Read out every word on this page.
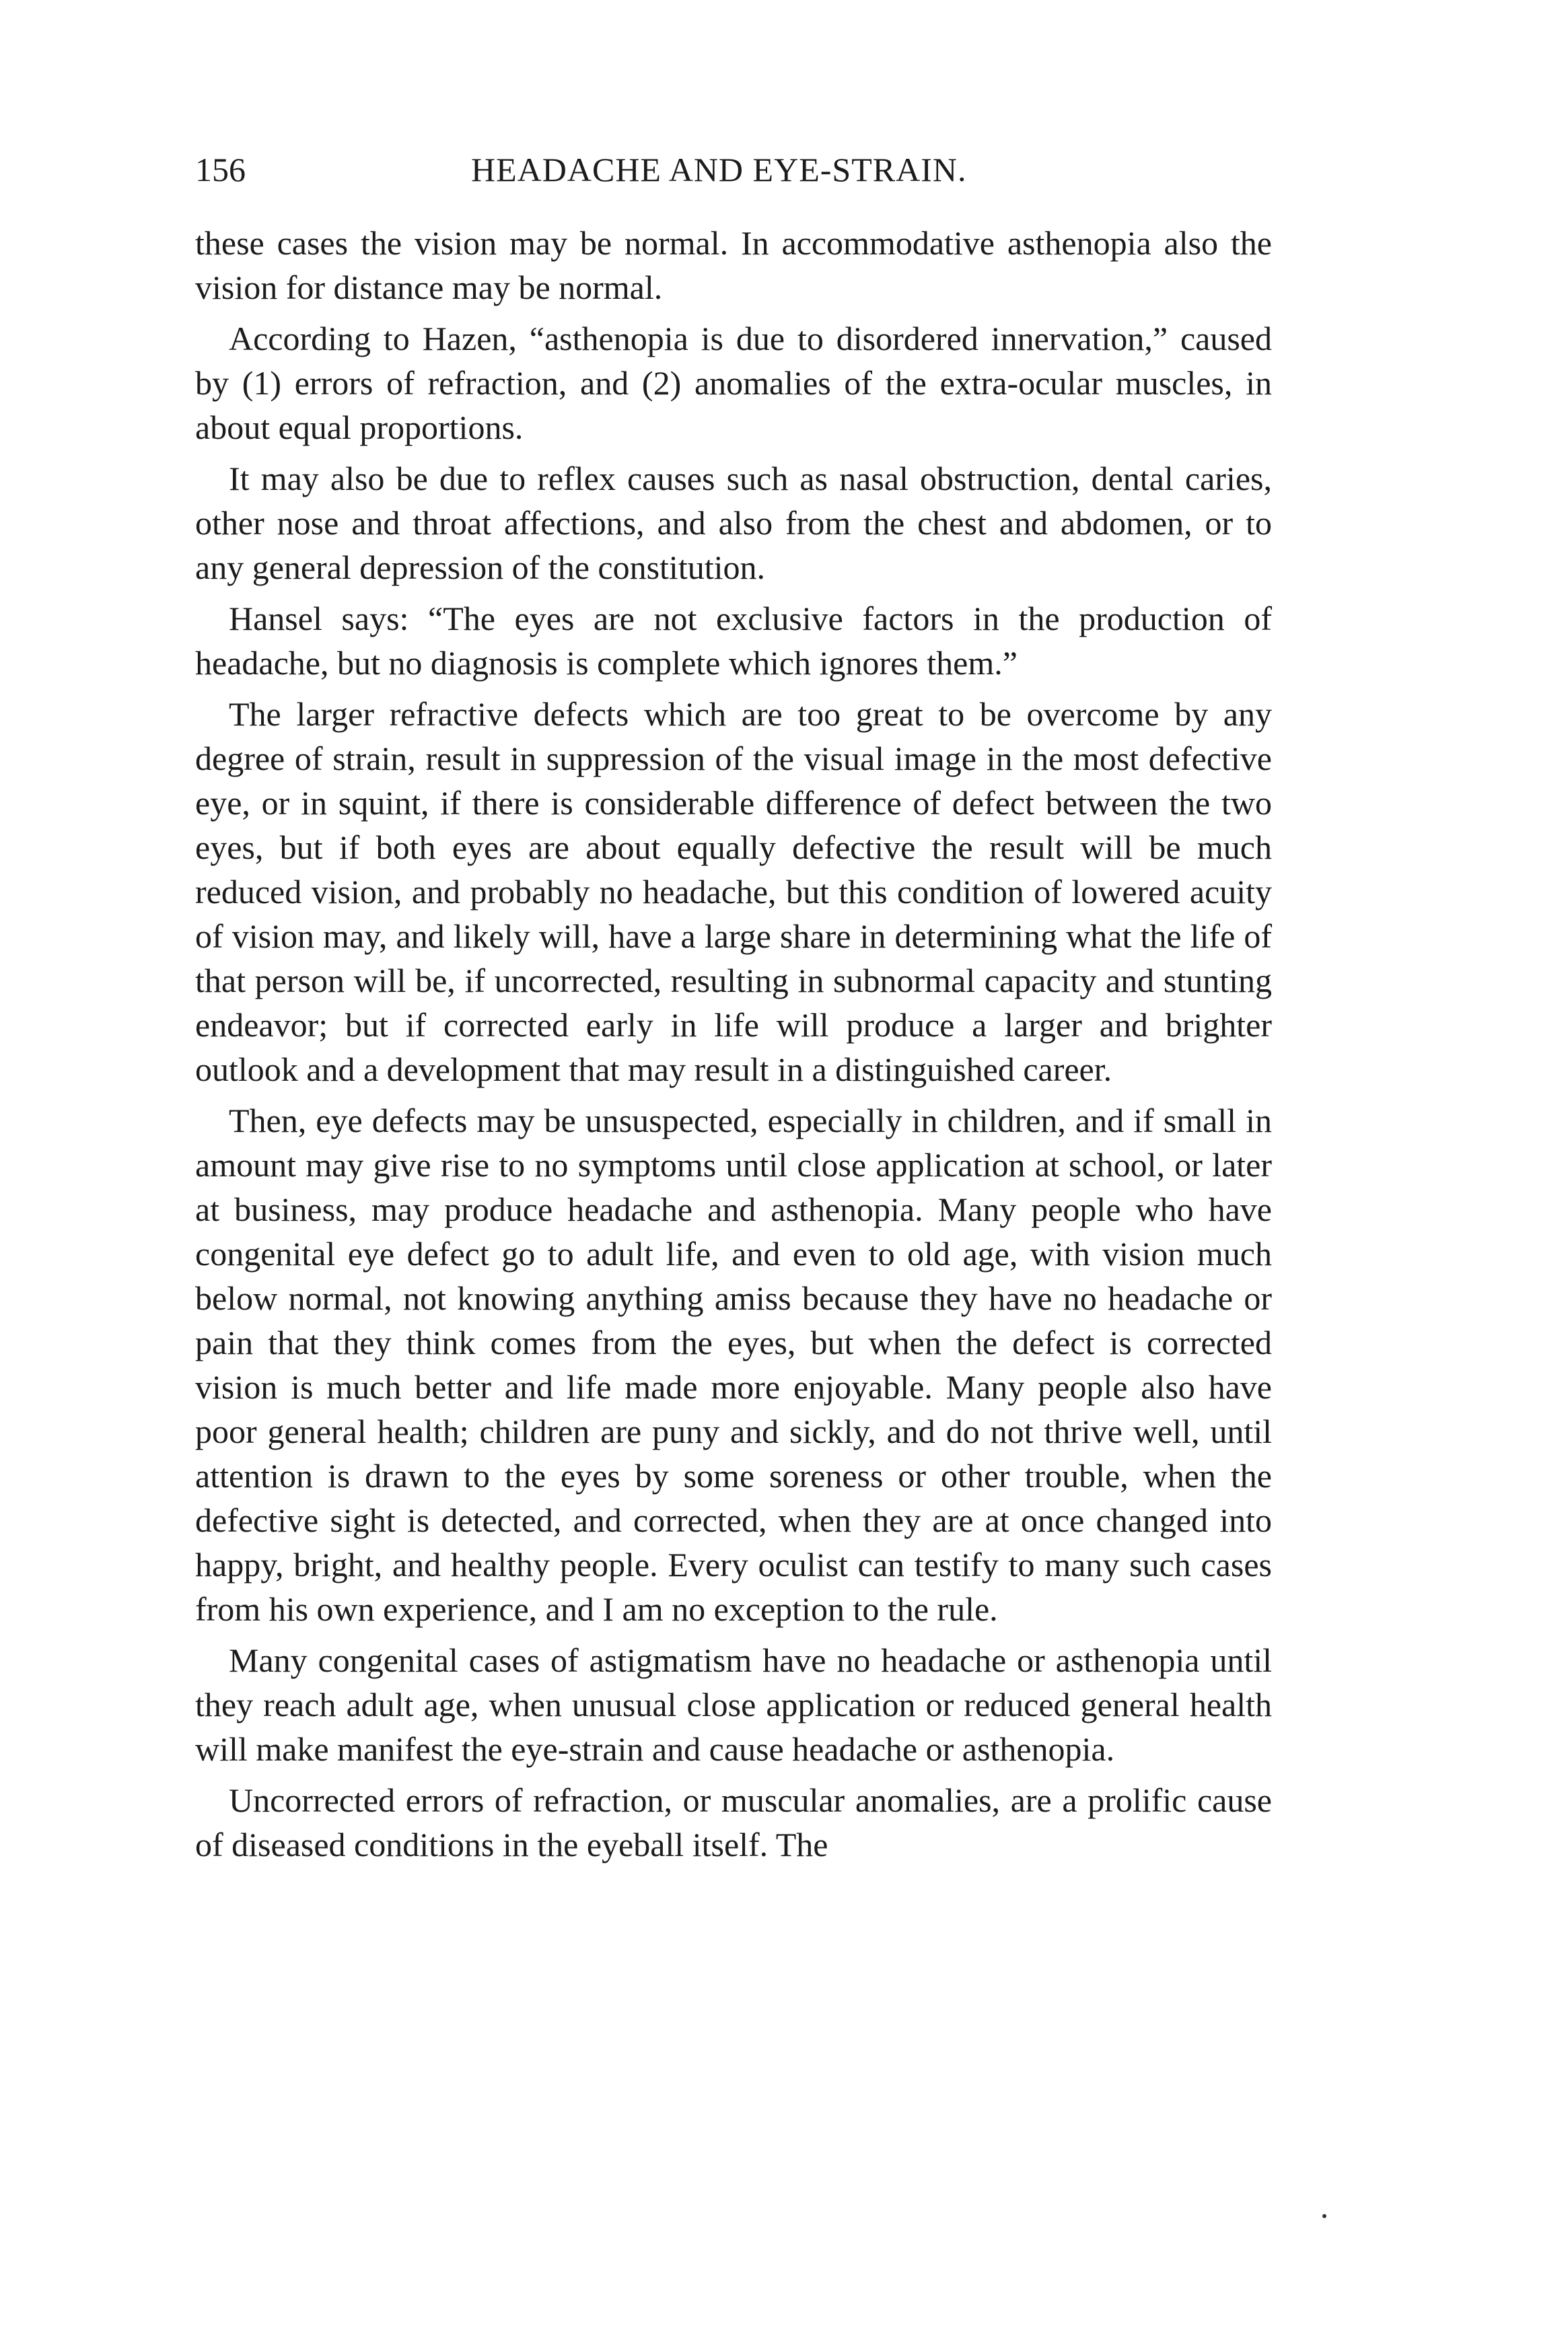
156	HEADACHE AND EYE-STRAIN.

these cases the vision may be normal. In accommodative asthenopia also the vision for distance may be normal.

According to Hazen, “asthenopia is due to disordered innervation,” caused by (1) errors of refraction, and (2) anomalies of the extra-ocular muscles, in about equal proportions.

It may also be due to reflex causes such as nasal obstruction, dental caries, other nose and throat affections, and also from the chest and abdomen, or to any general depression of the constitution.

Hansel says: “The eyes are not exclusive factors in the production of headache, but no diagnosis is complete which ignores them.”

The larger refractive defects which are too great to be overcome by any degree of strain, result in suppression of the visual image in the most defective eye, or in squint, if there is considerable difference of defect between the two eyes, but if both eyes are about equally defective the result will be much reduced vision, and probably no headache, but this condition of lowered acuity of vision may, and likely will, have a large share in determining what the life of that person will be, if uncorrected, resulting in subnormal capacity and stunting endeavor; but if corrected early in life will produce a larger and brighter outlook and a development that may result in a distinguished career.

Then, eye defects may be unsuspected, especially in children, and if small in amount may give rise to no symptoms until close application at school, or later at business, may produce headache and asthenopia. Many people who have congenital eye defect go to adult life, and even to old age, with vision much below normal, not knowing anything amiss because they have no headache or pain that they think comes from the eyes, but when the defect is corrected vision is much better and life made more enjoyable. Many people also have poor general health; children are puny and sickly, and do not thrive well, until attention is drawn to the eyes by some soreness or other trouble, when the defective sight is detected, and corrected, when they are at once changed into happy, bright, and healthy people. Every oculist can testify to many such cases from his own experience, and I am no exception to the rule.

Many congenital cases of astigmatism have no headache or asthenopia until they reach adult age, when unusual close application or reduced general health will make manifest the eye-strain and cause headache or asthenopia.

Uncorrected errors of refraction, or muscular anomalies, are a prolific cause of diseased conditions in the eyeball itself. The
